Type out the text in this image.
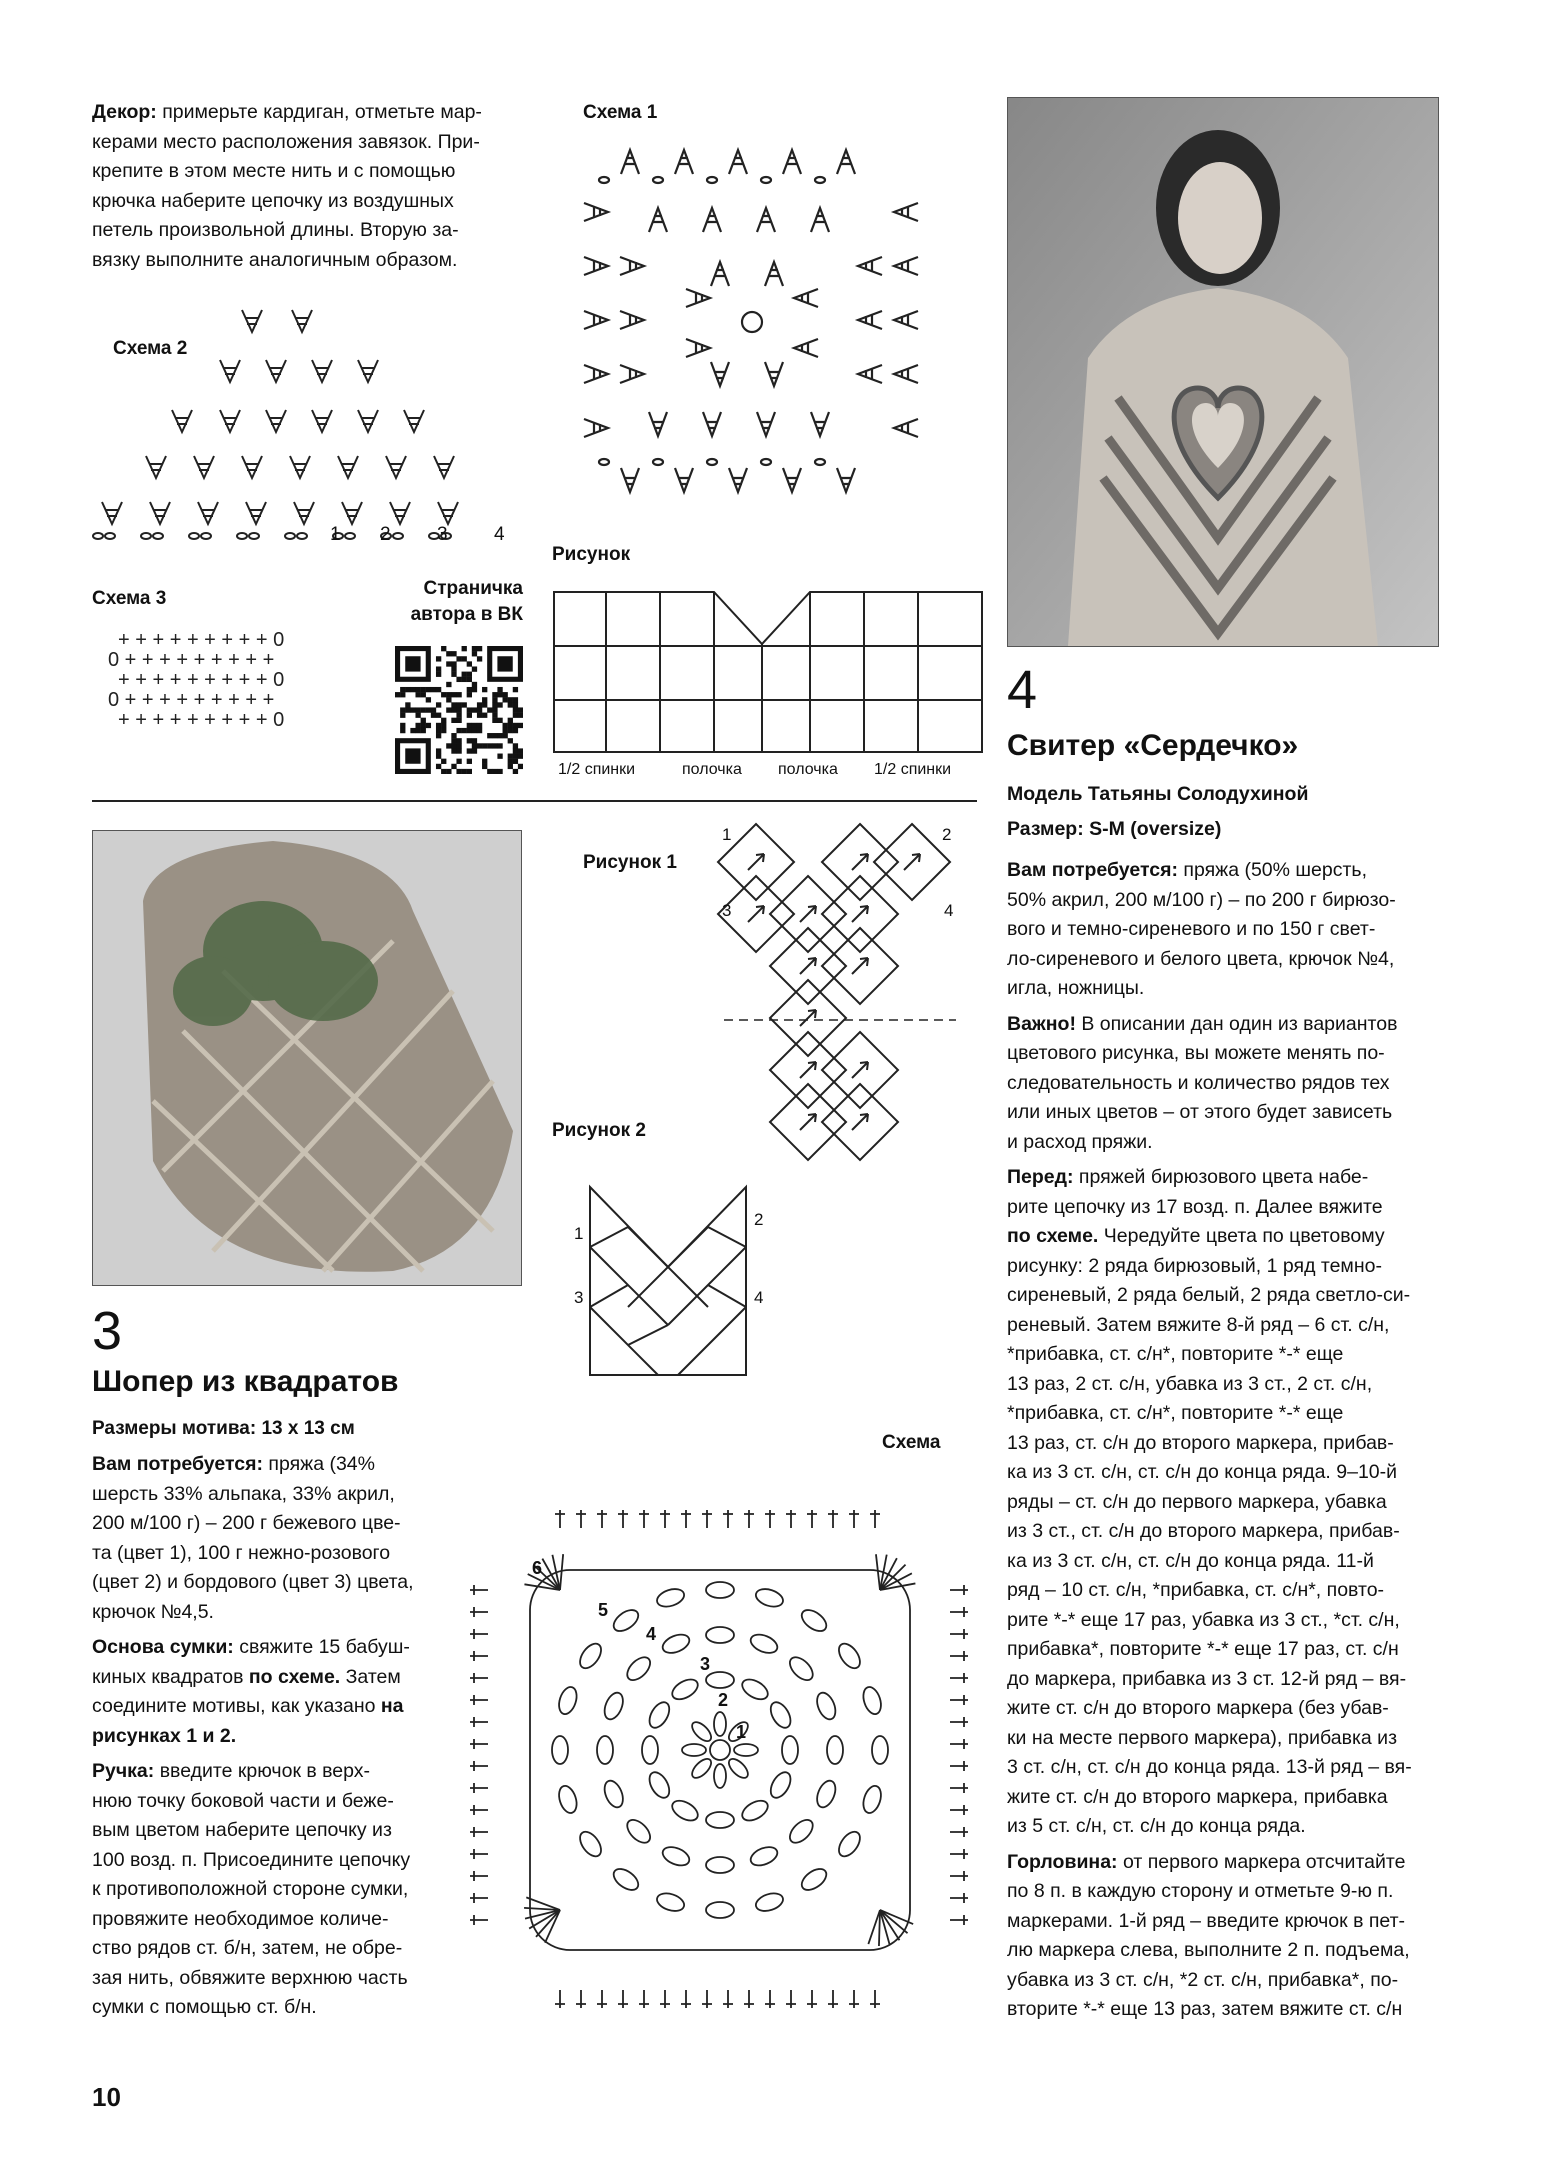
Декор: примерьте кардиган, отметьте мар-
керами место расположения завязок. При-
крепите в этом месте нить и с помощью
крючка наберите цепочку из воздушных
петель произвольной длины. Вторую за-
вязку выполните аналогичным образом.
Схема 1
Схема 2
1 2 3 4
Схема 3
+ + + + + + + + + 0
0 + + + + + + + + +
+ + + + + + + + + 0
0 + + + + + + + + +
+ + + + + + + + + 0
Страничка
автора в ВК
Рисунок
1/2 спинки	полочка полочка 1/2 спинки
3
Шопер из квадратов
Размеры мотива: 13 х 13 см
Вам потребуется: пряжа (34%
шерсть 33% альпака, 33% акрил,
200 м/100 г) – 200 г бежевого цве-
та (цвет 1), 100 г нежно-розового
(цвет 2) и бордового (цвет 3) цвета,
крючок №4,5.
Основа сумки: свяжите 15 бабуш-
киных квадратов по схеме. Затем
соедините мотивы, как указано на
рисунках 1 и 2.
Ручка: введите крючок в верх-
нюю точку боковой части и беже-
вым цветом наберите цепочку из
100 возд. п. Присоедините цепочку
к противоположной стороне сумки,
провяжите необходимое количе-
ство рядов ст. б/н, затем, не обре-
зая нить, обвяжите верхнюю часть
сумки с помощью ст. б/н.
10
Рисунок 1
1	2
3	4
Рисунок 2
1
2
3	4
Схема
1
2
3
4
5
6
4
Свитер «Сердечко»
Модель Татьяны Солодухиной
Размер: S-M (oversize)
Вам потребуется: пряжа (50% шерсть,
50% акрил, 200 м/100 г) – по 200 г бирюзо-
вого и темно-сиреневого и по 150 г свет-
ло-сиреневого и белого цвета, крючок №4,
игла, ножницы.
Важно! В описании дан один из вариантов
цветового рисунка, вы можете менять по-
следовательность и количество рядов тех
или иных цветов – от этого будет зависеть
и расход пряжи.
Перед: пряжей бирюзового цвета набе-
рите цепочку из 17 возд. п. Далее вяжите
по схеме. Чередуйте цвета по цветовому
рисунку: 2 ряда бирюзовый, 1 ряд темно-
сиреневый, 2 ряда белый, 2 ряда светло-си-
реневый. Затем вяжите 8-й ряд – 6 ст. с/н,
*прибавка, ст. с/н*, повторите *-* еще
13 раз, 2 ст. с/н, убавка из 3 ст., 2 ст. с/н,
*прибавка, ст. с/н*, повторите *-* еще
13 раз, ст. с/н до второго маркера, прибав-
ка из 3 ст. с/н, ст. с/н до конца ряда. 9–10-й
ряды – ст. с/н до первого маркера, убавка
из 3 ст., ст. с/н до второго маркера, прибав-
ка из 3 ст. с/н, ст. с/н до конца ряда. 11-й
ряд – 10 ст. с/н, *прибавка, ст. с/н*, повто-
рите *-* еще 17 раз, убавка из 3 ст., *ст. с/н,
прибавка*, повторите *-* еще 17 раз, ст. с/н
до маркера, прибавка из 3 ст. 12-й ряд – вя-
жите ст. с/н до второго маркера (без убав-
ки на месте первого маркера), прибавка из
3 ст. с/н, ст. с/н до конца ряда. 13-й ряд – вя-
жите ст. с/н до второго маркера, прибавка
из 5 ст. с/н, ст. с/н до конца ряда.
Горловина: от первого маркера отсчитайте
по 8 п. в каждую сторону и отметьте 9-ю п.
маркерами. 1-й ряд – введите крючок в пет-
лю маркера слева, выполните 2 п. подъема,
убавка из 3 ст. с/н, *2 ст. с/н, прибавка*, по-
вторите *-* еще 13 раз, затем вяжите ст. с/н
